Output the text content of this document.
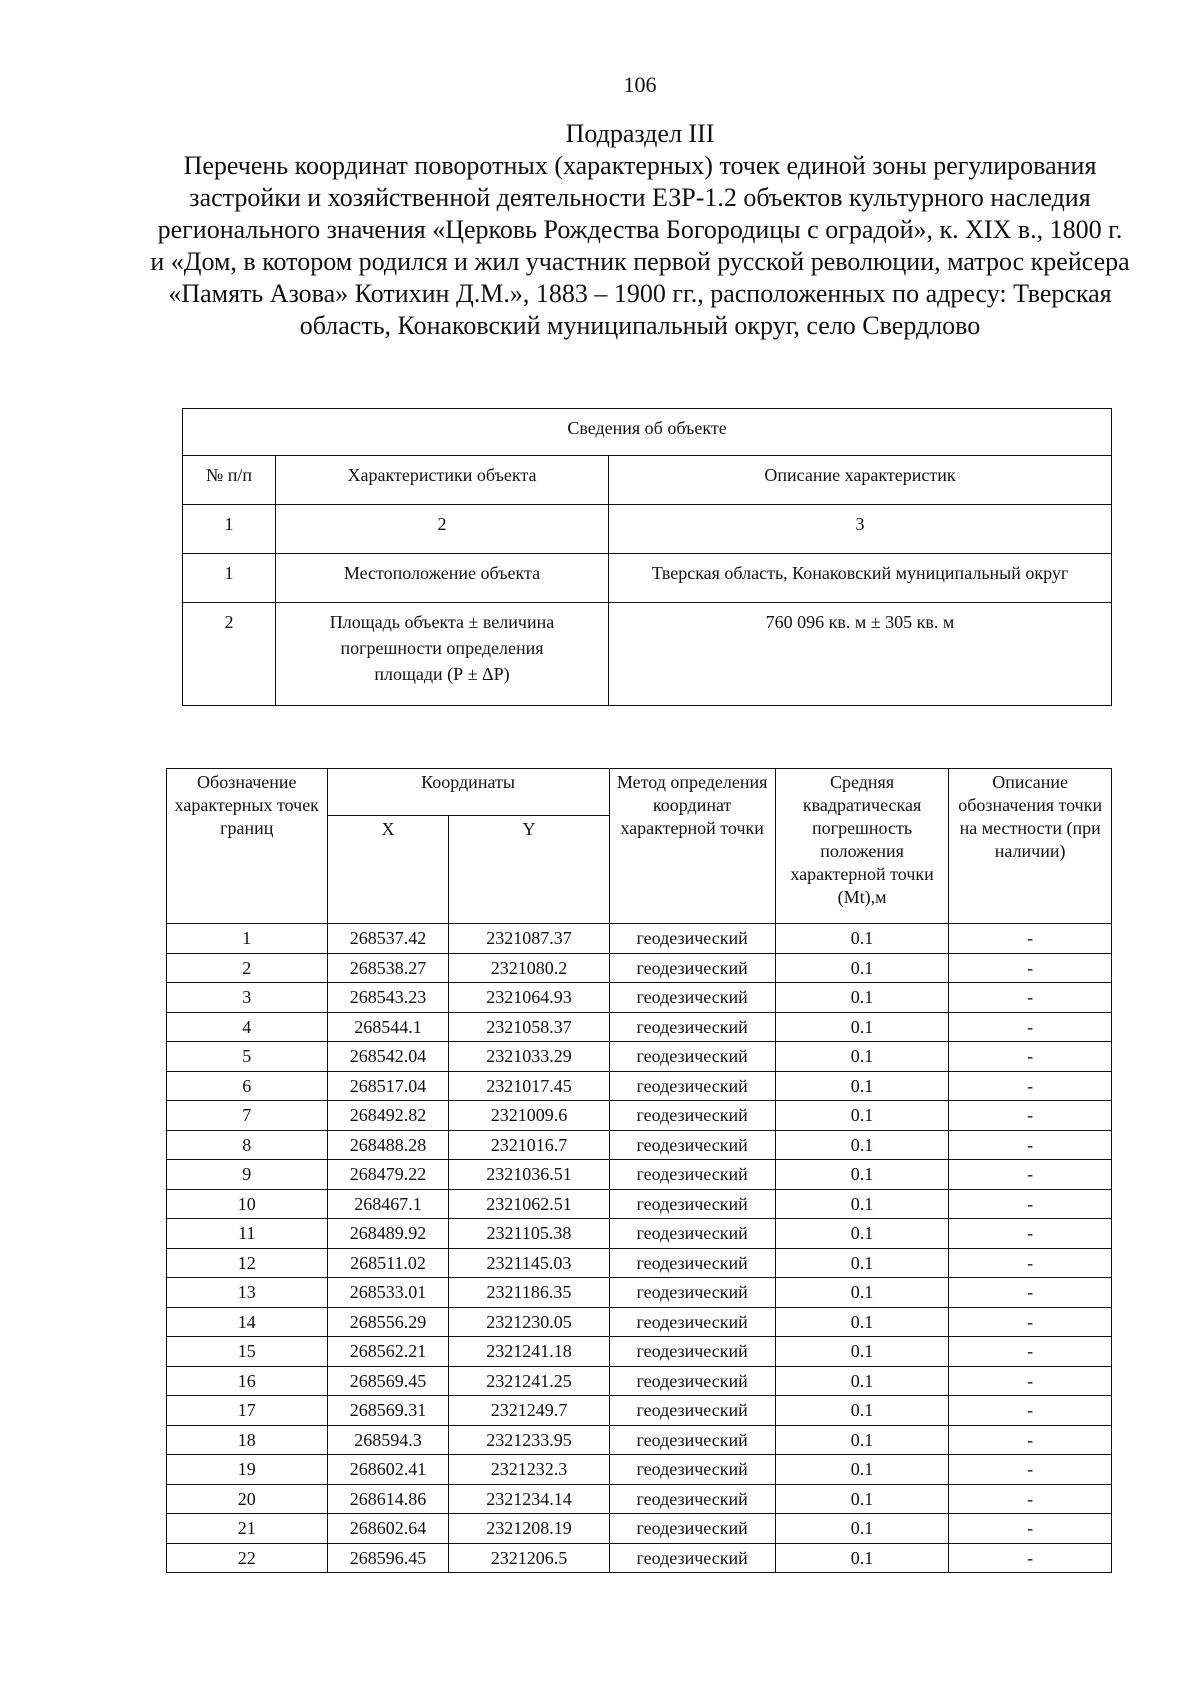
106
Подраздел III
Перечень координат поворотных (характерных) точек единой зоны регулирования застройки и хозяйственной деятельности ЕЗР-1.2 объектов культурного наследия регионального значения «Церковь Рождества Богородицы с оградой», к. XIX в., 1800 г. и «Дом, в котором родился и жил участник первой русской революции, матрос крейсера «Память Азова» Котихин Д.М.», 1883 – 1900 гг., расположенных по адресу: Тверская область, Конаковский муниципальный округ, село Свердлово
Сведения об объекте		
№ п/п	Характеристики объекта	Описание характеристик
1	2	3
1	Местоположение объекта	Тверская область, Конаковский муниципальный округ
2	Площадь объекта ± величина погрешности определения площади (Р ± ΔР)	760 096 кв. м ± 305 кв. м
Обозначение характерных точек границ	Координаты		Метод определения координат характерной точки	Средняя квадратическая погрешность положения характерной точки (Mt),м	Описание обозначения точки на местности (при наличии)
	X	Y			
1	268537.42	2321087.37	геодезический	0.1	-
2	268538.27	2321080.2	геодезический	0.1	-
3	268543.23	2321064.93	геодезический	0.1	-
4	268544.1	2321058.37	геодезический	0.1	-
5	268542.04	2321033.29	геодезический	0.1	-
6	268517.04	2321017.45	геодезический	0.1	-
7	268492.82	2321009.6	геодезический	0.1	-
8	268488.28	2321016.7	геодезический	0.1	-
9	268479.22	2321036.51	геодезический	0.1	-
10	268467.1	2321062.51	геодезический	0.1	-
11	268489.92	2321105.38	геодезический	0.1	-
12	268511.02	2321145.03	геодезический	0.1	-
13	268533.01	2321186.35	геодезический	0.1	-
14	268556.29	2321230.05	геодезический	0.1	-
15	268562.21	2321241.18	геодезический	0.1	-
16	268569.45	2321241.25	геодезический	0.1	-
17	268569.31	2321249.7	геодезический	0.1	-
18	268594.3	2321233.95	геодезический	0.1	-
19	268602.41	2321232.3	геодезический	0.1	-
20	268614.86	2321234.14	геодезический	0.1	-
21	268602.64	2321208.19	геодезический	0.1	-
22	268596.45	2321206.5	геодезический	0.1	-
